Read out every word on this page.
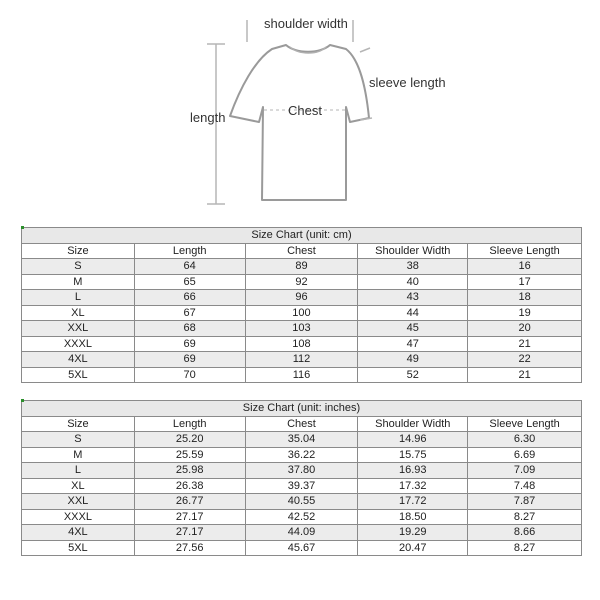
shoulder width
sleeve length
length	Chest
Size Chart (unit: cm)				
Size	Length	Chest	Shoulder Width	Sleeve Length
S	64	89	38	16
M	65	92	40	17
L	66	96	43	18
XL	67	100	44	19
XXL	68	103	45	20
XXXL	69	108	47	21
4XL	69	112	49	22
5XL	70	116	52	21
Size Chart (unit: inches)				
Size	Length	Chest	Shoulder Width	Sleeve Length
S	25.20	35.04	14.96	6.30
M	25.59	36.22	15.75	6.69
L	25.98	37.80	16.93	7.09
XL	26.38	39.37	17.32	7.48
XXL	26.77	40.55	17.72	7.87
XXXL	27.17	42.52	18.50	8.27
4XL	27.17	44.09	19.29	8.66
5XL	27.56	45.67	20.47	8.27
